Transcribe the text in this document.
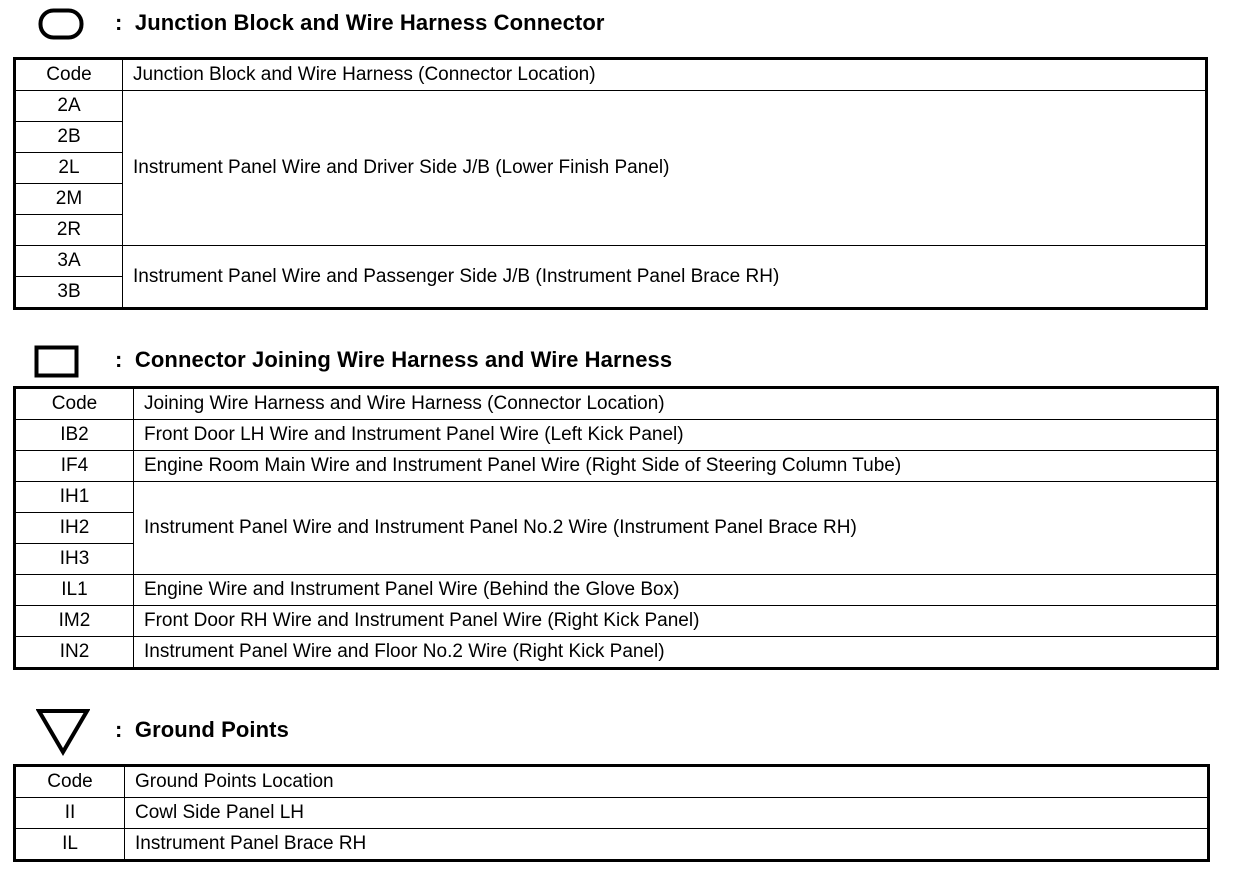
: Junction Block and Wire Harness Connector
Code	Junction Block and Wire Harness (Connector Location)
2A	Instrument Panel Wire and Driver Side J/B (Lower Finish Panel)
2B	
2L	
2M	
2R	
3A	Instrument Panel Wire and Passenger Side J/B (Instrument Panel Brace RH)
3B	
: Connector Joining Wire Harness and Wire Harness
Code	Joining Wire Harness and Wire Harness (Connector Location)
IB2	Front Door LH Wire and Instrument Panel Wire (Left Kick Panel)
IF4	Engine Room Main Wire and Instrument Panel Wire (Right Side of Steering Column Tube)
IH1	Instrument Panel Wire and Instrument Panel No.2 Wire (Instrument Panel Brace RH)
IH2	
IH3	
IL1	Engine Wire and Instrument Panel Wire (Behind the Glove Box)
IM2	Front Door RH Wire and Instrument Panel Wire (Right Kick Panel)
IN2	Instrument Panel Wire and Floor No.2 Wire (Right Kick Panel)
: Ground Points
Code	Ground Points Location
II	Cowl Side Panel LH
IL	Instrument Panel Brace RH
